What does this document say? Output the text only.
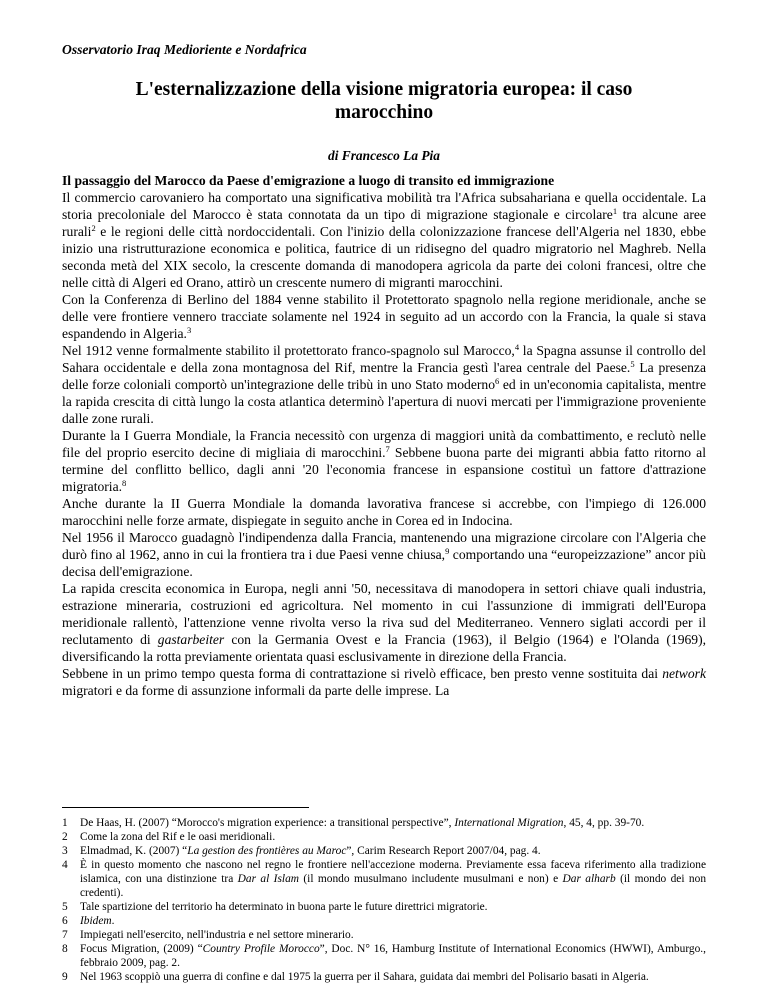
Osservatorio Iraq Medioriente e Nordafrica
L'esternalizzazione della visione migratoria europea: il caso
marocchino
di Francesco La Pia

Il passaggio del Marocco da Paese d'emigrazione a luogo di transito ed immigrazione

Il commercio carovaniero ha comportato una significativa mobilità tra l'Africa subsahariana e quella occidentale. La storia precoloniale del Marocco è stata connotata da un tipo di migrazione stagionale e circolare$^1$ tra alcune aree rurali$^2$ e le regioni delle città nordoccidentali. Con l'inizio della colonizzazione francese dell'Algeria nel 1830, ebbe inizio una ristrutturazione economica e politica, fautrice di un ridisegno del quadro migratorio nel Maghreb. Nella seconda metà del XIX secolo, la crescente domanda di manodopera agricola da parte dei coloni francesi, oltre che nelle città di Algeri ed Orano, attirò un crescente numero di migranti marocchini.

Con la Conferenza di Berlino del 1884 venne stabilito il Protettorato spagnolo nella regione meridionale, anche se delle vere frontiere vennero tracciate solamente nel 1924 in seguito ad un accordo con la Francia, la quale si stava espandendo in Algeria.$^3$

Nel 1912 venne formalmente stabilito il protettorato franco-spagnolo sul Marocco,$^4$ la Spagna assunse il controllo del Sahara occidentale e della zona montagnosa del Rif, mentre la Francia gestì l'area centrale del Paese.$^5$ La presenza delle forze coloniali comportò un'integrazione delle tribù in uno Stato moderno$^6$ ed in un'economia capitalista, mentre la rapida crescita di città lungo la costa atlantica determinò l'apertura di nuovi mercati per l'immigrazione proveniente dalle zone rurali.

Durante la I Guerra Mondiale, la Francia necessitò con urgenza di maggiori unità da combattimento, e reclutò nelle file del proprio esercito decine di migliaia di marocchini.$^7$ Sebbene buona parte dei migranti abbia fatto ritorno al termine del conflitto bellico, dagli anni '20 l'economia francese in espansione costituì un fattore d'attrazione migratoria.$^8$

Anche durante la II Guerra Mondiale la domanda lavorativa francese si accrebbe, con l'impiego di 126.000 marocchini nelle forze armate, dispiegate in seguito anche in Corea ed in Indocina.

Nel 1956 il Marocco guadagnò l'indipendenza dalla Francia, mantenendo una migrazione circolare con l'Algeria che durò fino al 1962, anno in cui la frontiera tra i due Paesi venne chiusa,$^9$ comportando una “europeizzazione” ancor più decisa dell'emigrazione.

La rapida crescita economica in Europa, negli anni '50, necessitava di manodopera in settori chiave quali industria, estrazione mineraria, costruzioni ed agricoltura. Nel momento in cui l'assunzione di immigrati dell'Europa meridionale rallentò, l'attenzione venne rivolta verso la riva sud del Mediterraneo. Vennero siglati accordi per il reclutamento di gastarbeiter con la Germania Ovest e la Francia (1963), il Belgio (1964) e l'Olanda (1969), diversificando la rotta previamente orientata quasi esclusivamente in direzione della Francia.

Sebbene in un primo tempo questa forma di contrattazione si rivelò efficace, ben presto venne sostituita dai network migratori e da forme di assunzione informali da parte delle imprese. La

1	De Haas, H. (2007) “Morocco's migration experience: a transitional perspective”, International Migration, 45, 4, pp. 39-70.
2	Come la zona del Rif e le oasi meridionali.
3	Elmadmad, K. (2007) “La gestion des frontières au Maroc”, Carim Research Report 2007/04, pag. 4.
4	È in questo momento che nascono nel regno le frontiere nell'accezione moderna. Previamente essa faceva riferimento alla tradizione islamica, con una distinzione tra Dar al Islam (il mondo musulmano includente musulmani e non) e Dar alharb (il mondo dei non credenti).
5	Tale spartizione del territorio ha determinato in buona parte le future direttrici migratorie.
6	Ibidem.
7	Impiegati nell'esercito, nell'industria e nel settore minerario.
8	Focus Migration, (2009) “Country Profile Morocco”, Doc. N° 16, Hamburg Institute of International Economics (HWWI), Amburgo., febbraio 2009, pag. 2.
9	Nel 1963 scoppiò una guerra di confine e dal 1975 la guerra per il Sahara, guidata dai membri del Polisario basati in Algeria.
